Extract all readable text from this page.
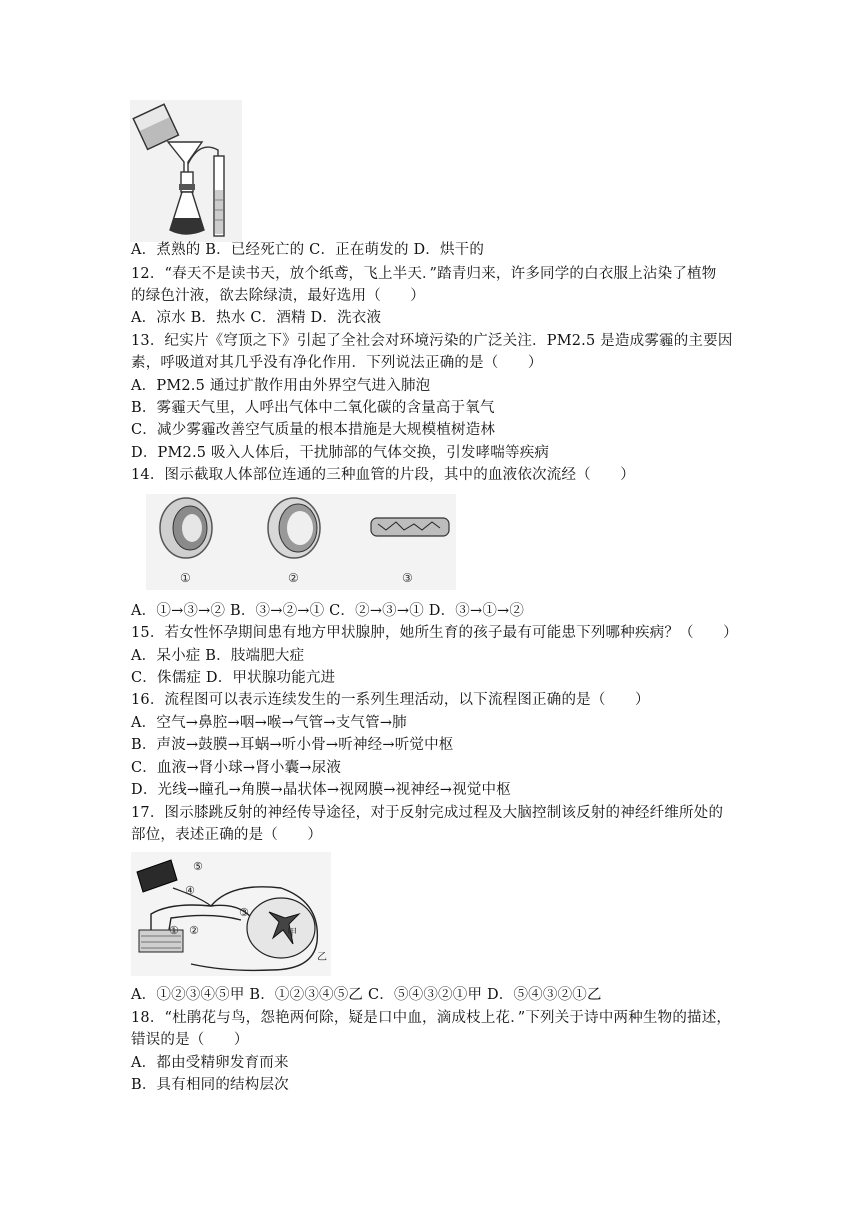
A．煮熟的 B．已经死亡的 C．正在萌发的 D．烘干的
12．“春天不是读书天，放个纸鸢，飞上半天．”踏青归来，许多同学的白衣服上沾染了植物
的绿色汁液，欲去除绿渍，最好选用（　　）
A．凉水 B．热水 C．酒精 D．洗衣液
13．纪实片《穹顶之下》引起了全社会对环境污染的广泛关注．PM2.5 是造成雾霾的主要因
素，呼吸道对其几乎没有净化作用．下列说法正确的是（　　）
A．PM2.5 通过扩散作用由外界空气进入肺泡
B．雾霾天气里，人呼出气体中二氧化碳的含量高于氧气
C．减少雾霾改善空气质量的根本措施是大规模植树造林
D．PM2.5 吸入人体后，干扰肺部的气体交换，引发哮喘等疾病
14．图示截取人体部位连通的三种血管的片段，其中的血液依次流经（　　）
①	②	③
A．①→③→② B．③→②→① C．②→③→① D．③→①→②
15．若女性怀孕期间患有地方甲状腺肿，她所生育的孩子最有可能患下列哪种疾病？（　　）
A．呆小症 B．肢端肥大症
C．侏儒症 D．甲状腺功能亢进
16．流程图可以表示连续发生的一系列生理活动，以下流程图正确的是（　　）
A．空气→鼻腔→咽→喉→气管→支气管→肺
B．声波→鼓膜→耳蜗→听小骨→听神经→听觉中枢
C．血液→肾小球→肾小囊→尿液
D．光线→瞳孔→角膜→晶状体→视网膜→视神经→视觉中枢
17．图示膝跳反射的神经传导途径，对于反射完成过程及大脑控制该反射的神经纤维所处的
部位，表述正确的是（　　）
⑤
④
③
②
①	甲
乙
A．①②③④⑤甲 B．①②③④⑤乙 C．⑤④③②①甲 D．⑤④③②①乙
18．“杜鹃花与鸟，怨艳两何除，疑是口中血，滴成枝上花．”下列关于诗中两种生物的描述，
错误的是（　　）
A．都由受精卵发育而来
B．具有相同的结构层次
